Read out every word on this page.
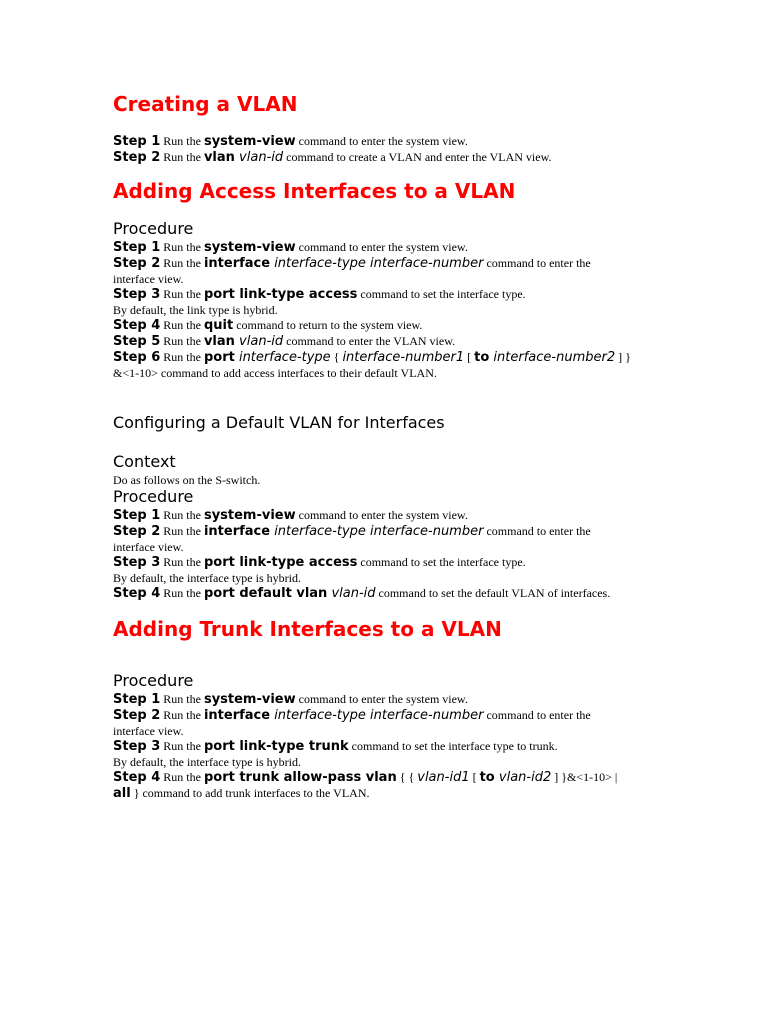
Creating a VLAN
Step 1 Run the system-view command to enter the system view.
Step 2 Run the vlan vlan-id command to create a VLAN and enter the VLAN view.
Adding Access Interfaces to a VLAN
Procedure
Step 1 Run the system-view command to enter the system view.
Step 2 Run the interface interface-type interface-number command to enter the
interface view.
Step 3 Run the port link-type access command to set the interface type.
By default, the link type is hybrid.
Step 4 Run the quit command to return to the system view.
Step 5 Run the vlan vlan-id command to enter the VLAN view.
Step 6 Run the port interface-type { interface-number1 [ to interface-number2 ] }
&<1-10> command to add access interfaces to their default VLAN.
Configuring a Default VLAN for Interfaces
Context
Do as follows on the S-switch.
Procedure
Step 1 Run the system-view command to enter the system view.
Step 2 Run the interface interface-type interface-number command to enter the
interface view.
Step 3 Run the port link-type access command to set the interface type.
By default, the interface type is hybrid.
Step 4 Run the port default vlan vlan-id command to set the default VLAN of interfaces.
Adding Trunk Interfaces to a VLAN
Procedure
Step 1 Run the system-view command to enter the system view.
Step 2 Run the interface interface-type interface-number command to enter the
interface view.
Step 3 Run the port link-type trunk command to set the interface type to trunk.
By default, the interface type is hybrid.
Step 4 Run the port trunk allow-pass vlan { { vlan-id1 [ to vlan-id2 ] }&<1-10> |
all } command to add trunk interfaces to the VLAN.
